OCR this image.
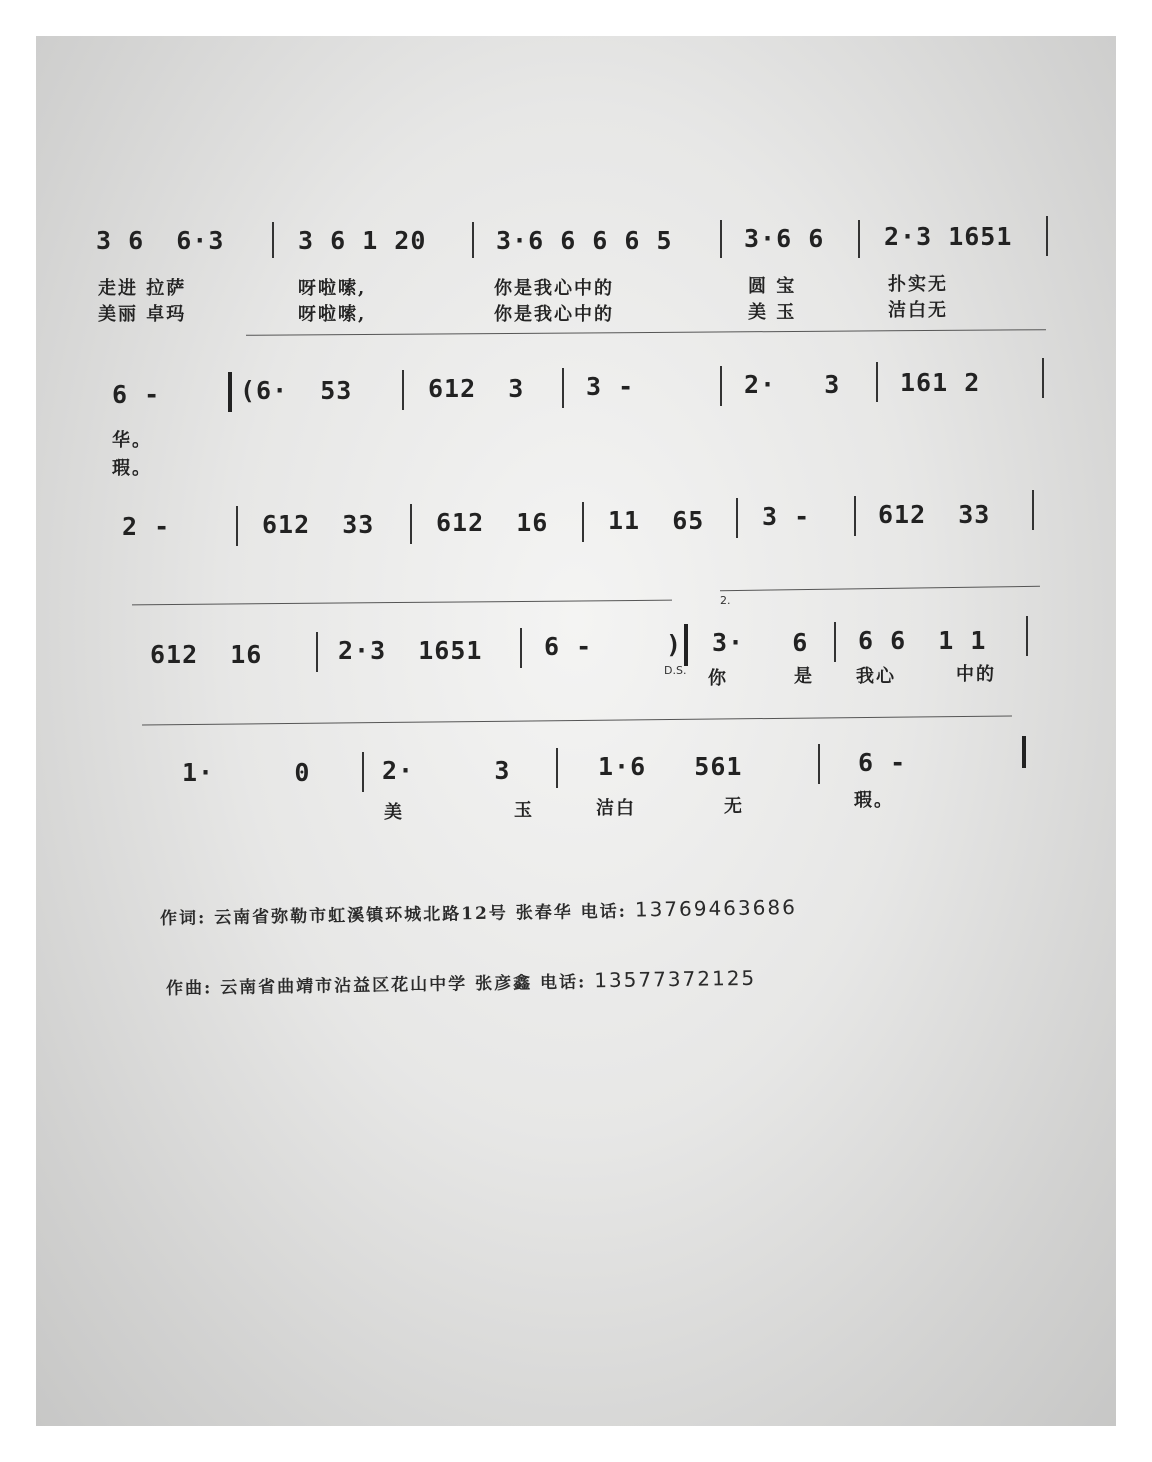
3 6  6·3	3 6 1 20	3·6 6 6 6 5	3·6 6 2·3 1651
走进 拉萨	呀啦嗦,	你是我心中的	圆 宝	扑实无
美丽 卓玛	呀啦嗦,	你是我心中的	美 玉	洁白无
6 -	(6·  53	612  3 3 -	2·   3 161 2
华。
瑕。
2 -	612  33 612  16 11  65 3 -	612  33
612  16	2·3  1651 6 -	)
D.S.
2.
3·   6 6 6  1 1
你	是 我心	中的
1·     0	2·     3	1·6   561	6 -
美	玉	洁白	无	瑕。
作词: 云南省弥勒市虹溪镇环城北路12号 张春华 电话: 13769463686
作曲: 云南省曲靖市沾益区花山中学 张彦鑫 电话: 13577372125
